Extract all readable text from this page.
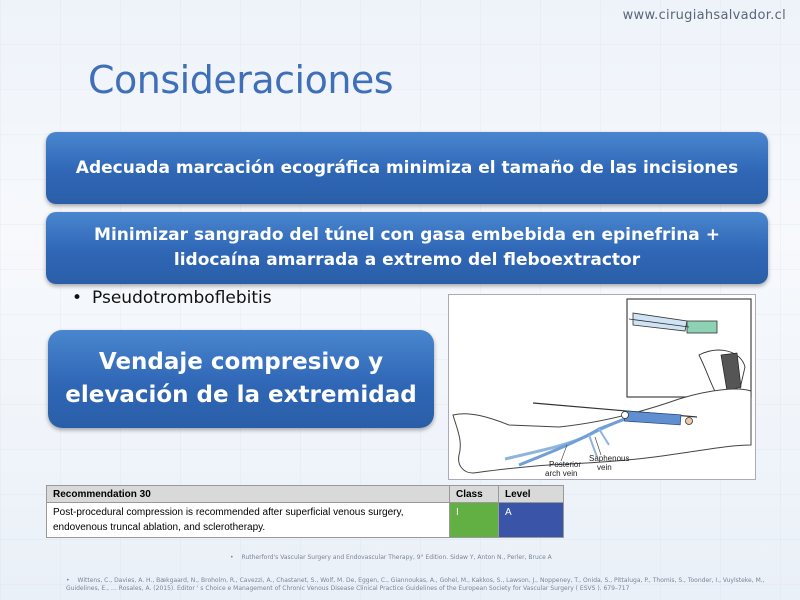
www.cirugiahsalvador.cl
Consideraciones
Adecuada marcación ecográfica minimiza el tamaño de las incisiones
Minimizar sangrado del túnel con gasa embebida en epinefrina + lidocaína amarrada a extremo del fleboextractor
• Pseudotromboflebitis
Vendaje compresivo y elevación de la extremidad
Saphenous
vein
Posterior
arch vein
Recommendation 30	Class	Level
Post-procedural compression is recommended after superficial venous surgery, endovenous truncal ablation, and sclerotherapy.	I	A
• Rutherford's Vascular Surgery and Endovascular Therapy, 9° Edition. Sidaw Y, Anton N., Perler, Bruce A
• Wittens, C., Davies, A. H., Bækgaard, N., Broholm, R., Cavezzi, A., Chastanet, S., Wolf, M. De, Eggen, C., Giannoukas, A., Gohel, M., Kakkos, S., Lawson, J., Noppeney, T., Onida, S., Pittaluga, P., Thomis, S., Toonder, I., Vuylsteke, M., Guidelines, E., … Rosales, A. (2015). Editor ' s Choice e Management of Chronic Venous Disease Clinical Practice Guidelines of the European Society for Vascular Surgery ( ESVS ). 679–717
